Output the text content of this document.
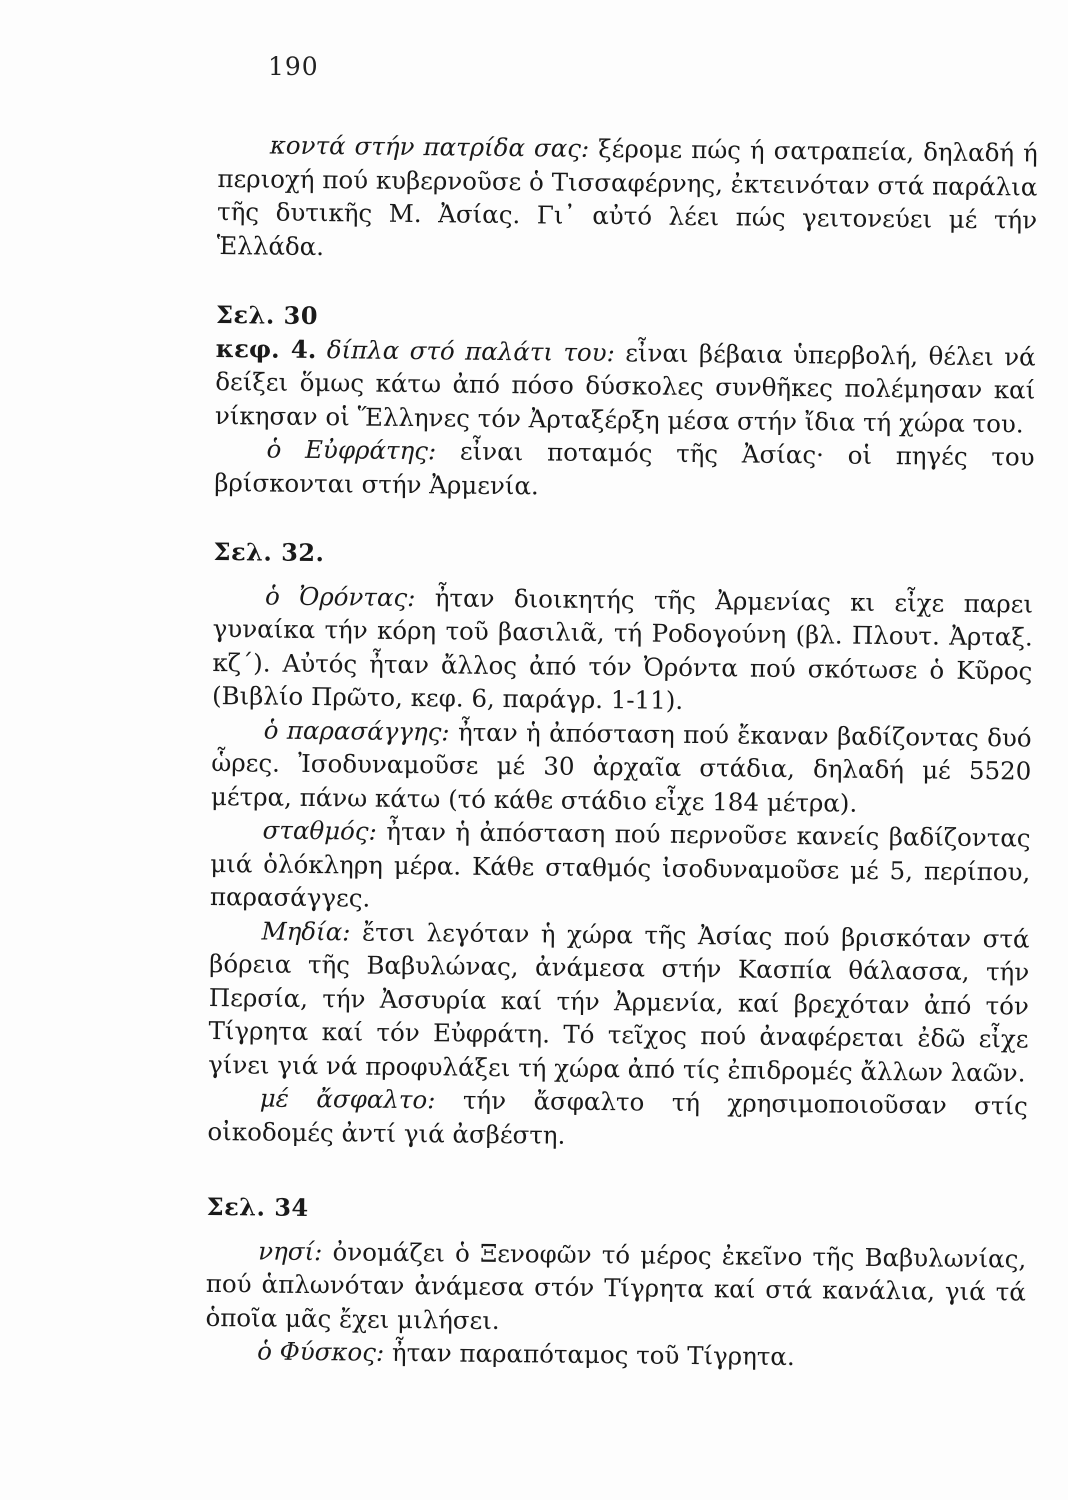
190

κοντά στήν πατρίδα σας: ξέρομε πώς ή σατραπεία, δηλαδή ή περιοχή πού κυβερνοῦσε ὁ Τισσαφέρνης, ἐκτεινόταν στά παράλια τῆς δυτικῆς Μ. Ἀσίας. Γι᾿ αὐτό λέει πώς γειτονεύει μέ τήν Ἑλλάδα.

Σελ. 30

κεφ. 4. δίπλα στό παλάτι του: εἶναι βέβαια ὑπερβολή, θέλει νά δείξει ὅμως κάτω ἀπό πόσο δύσκολες συνθῆκες πολέμησαν καί νίκησαν οἱ Ἕλληνες τόν Ἀρταξέρξη μέσα στήν ἴδια τή χώρα του.

ὁ Εὐφράτης: εἶναι ποταμός τῆς Ἀσίας· οἱ πηγές του βρίσκονται στήν Ἀρμενία.

Σελ. 32.

ὁ Ὀρόντας: ἦταν διοικητής τῆς Ἀρμενίας κι εἶχε παρει γυναίκα τήν κόρη τοῦ βασιλιᾶ, τή Ροδογούνη (βλ. Πλουτ. Ἀρταξ. κζ΄). Αὐτός ἦταν ἄλλος ἀπό τόν Ὀρόντα πού σκότωσε ὁ Κῦρος (Βιβλίο Πρῶτο, κεφ. 6, παράγρ. 1-11).

ὁ παρασάγγης: ἦταν ἡ ἀπόσταση πού ἔκαναν βαδίζοντας δυό ὧρες. Ἰσοδυναμοῦσε μέ 30 ἀρχαῖα στάδια, δηλαδή μέ 5520 μέτρα, πάνω κάτω (τό κάθε στάδιο εἶχε 184 μέτρα).

σταθμός: ἦταν ἡ ἀπόσταση πού περνοῦσε κανείς βαδίζοντας μιά ὁλόκληρη μέρα. Κάθε σταθμός ἰσοδυναμοῦσε μέ 5, περίπου, παρασάγγες.

Μηδία: ἔτσι λεγόταν ἡ χώρα τῆς Ἀσίας πού βρισκόταν στά βόρεια τῆς Βαβυλώνας, ἀνάμεσα στήν Κασπία θάλασσα, τήν Περσία, τήν Ἀσσυρία καί τήν Ἀρμενία, καί βρεχόταν ἀπό τόν Τίγρητα καί τόν Εὐφράτη. Τό τεῖχος πού ἀναφέρεται ἐδῶ εἶχε γίνει γιά νά προφυλάξει τή χώρα ἀπό τίς ἐπιδρομές ἄλλων λαῶν.

μέ ἄσφαλτο: τήν ἄσφαλτο τή χρησιμοποιοῦσαν στίς οἰκοδομές ἀντί γιά ἀσβέστη.

Σελ. 34

νησί: ὀνομάζει ὁ Ξενοφῶν τό μέρος ἐκεῖνο τῆς Βαβυλωνίας, πού ἁπλωνόταν ἀνάμεσα στόν Τίγρητα καί στά κανάλια, γιά τά ὁποῖα μᾶς ἔχει μιλήσει.

ὁ Φύσκος: ἦταν παραπόταμος τοῦ Τίγρητα.
